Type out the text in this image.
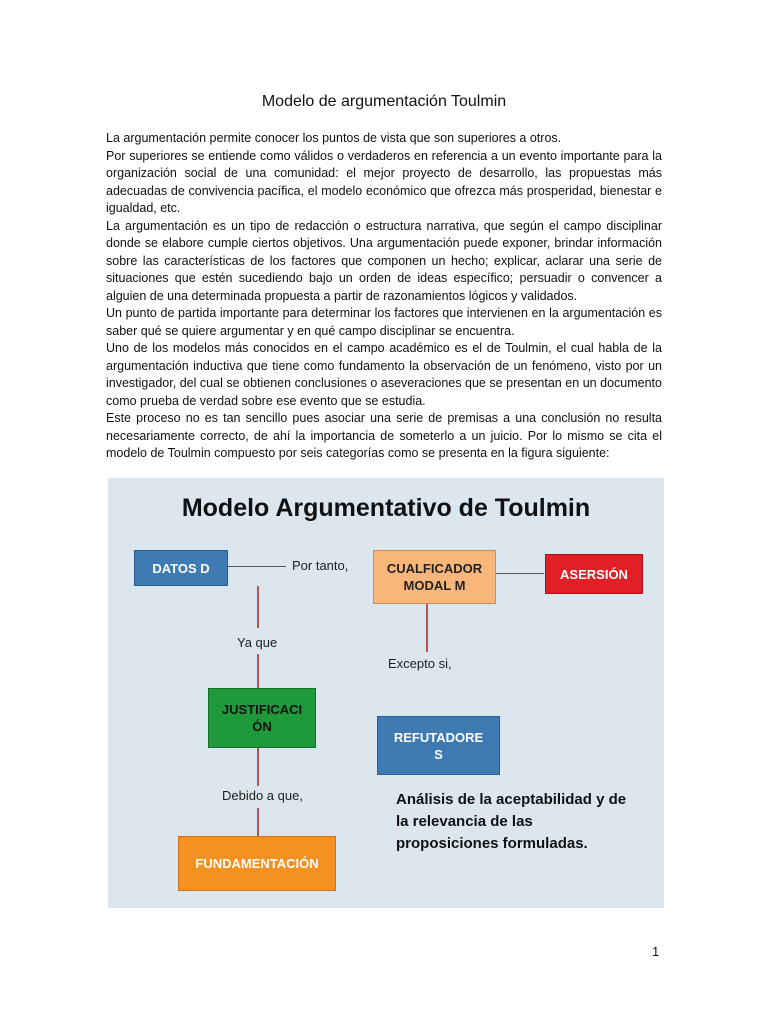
Modelo de argumentación Toulmin

La argumentación permite conocer los puntos de vista que son superiores a otros.

Por superiores se entiende como válidos o verdaderos en referencia a un evento importante para la organización social de una comunidad: el mejor proyecto de desarrollo, las propuestas más adecuadas de convivencia pacífica, el modelo económico que ofrezca más prosperidad, bienestar e igualdad, etc.

La argumentación es un tipo de redacción o estructura narrativa, que según el campo disciplinar donde se elabore cumple ciertos objetivos. Una argumentación puede exponer, brindar información sobre las características de los factores que componen un hecho; explicar, aclarar una serie de situaciones que estén sucediendo bajo un orden de ideas específico; persuadir o convencer a alguien de una determinada propuesta a partir de razonamientos lógicos y validados.

Un punto de partida importante para determinar los factores que intervienen en la argumentación es saber qué se quiere argumentar y en qué campo disciplinar se encuentra.

Uno de los modelos más conocidos en el campo académico es el de Toulmin, el cual habla de la argumentación inductiva que tiene como fundamento la observación de un fenómeno, visto por un investigador, del cual se obtienen conclusiones o aseveraciones que se presentan en un documento como prueba de verdad sobre ese evento que se estudia.

Este proceso no es tan sencillo pues asociar una serie de premisas a una conclusión no resulta necesariamente correcto, de ahí la importancia de someterlo a un juicio. Por lo mismo se cita el modelo de Toulmin compuesto por seis categorías como se presenta en la figura siguiente:

Modelo Argumentativo de Toulmin
DATOS D	CUALFICADOR
MODAL M
ASERSIÓN
JUSTIFICACI
ÓN
REFUTADORE
S
FUNDAMENTACIÓN
Por tanto,
Ya que
Excepto si,
Debido a que,	Análisis de la aceptabilidad y de
la relevancia de las
proposiciones formuladas.
1
